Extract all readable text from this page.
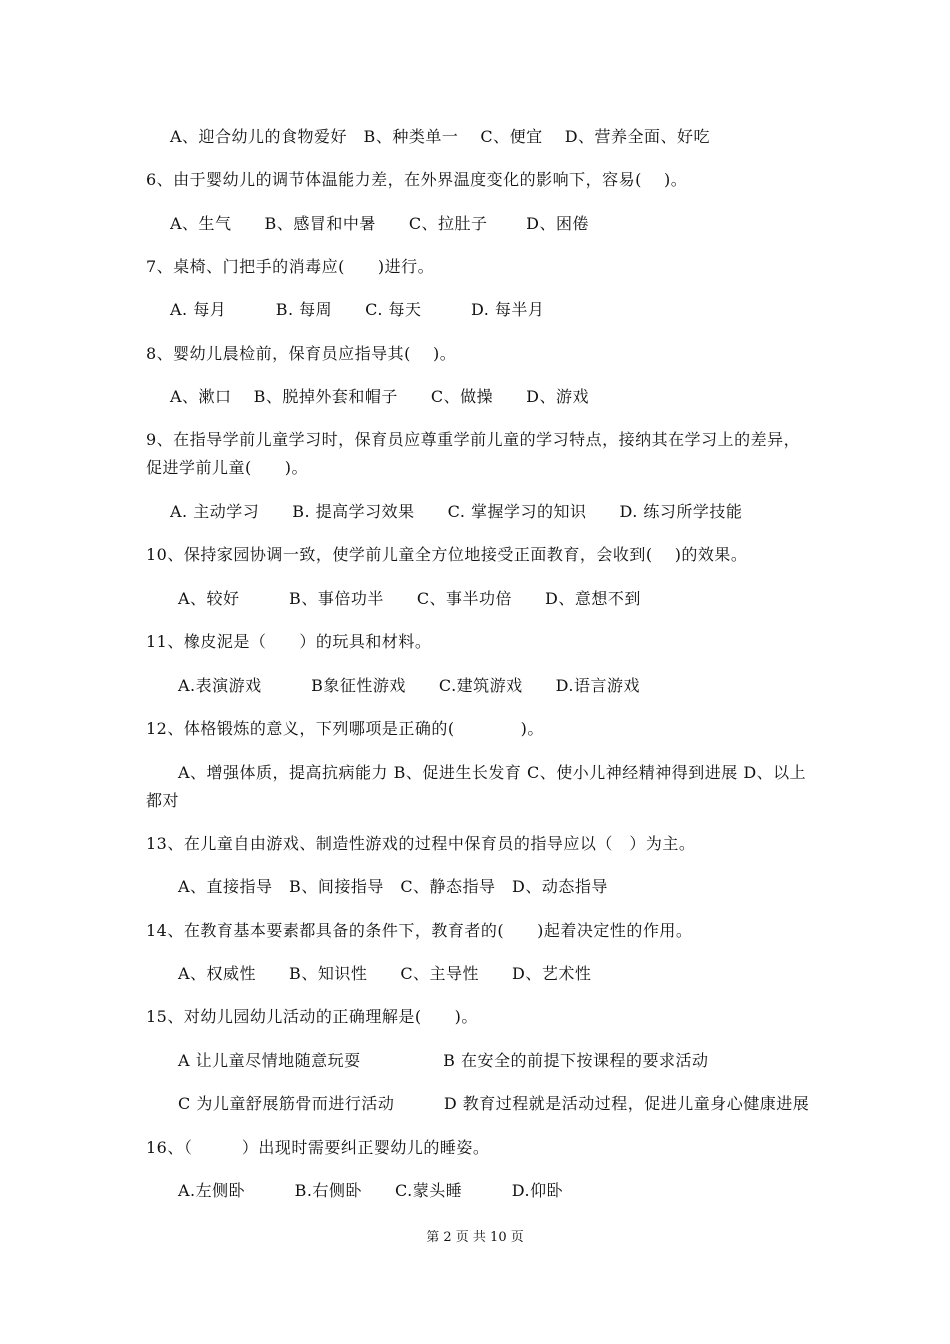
A、迎合幼儿的食物爱好　B、种类单一　 C、便宜　 D、营养全面、好吃
6、由于婴幼儿的调节体温能力差，在外界温度变化的影响下，容易(　 )。
A、生气　　B、感冒和中暑　　C、拉肚子　　 D、困倦
7、桌椅、门把手的消毒应(　　)进行。
A. 每月　　　B. 每周　　C. 每天　　　D. 每半月
8、婴幼儿晨检前，保育员应指导其(　 )。
A、漱口　 B、脱掉外套和帽子　　C、做操　　D、游戏
9、在指导学前儿童学习时，保育员应尊重学前儿童的学习特点，接纳其在学习上的差异，
促进学前儿童(　　)。
A. 主动学习　　B. 提高学习效果　　C. 掌握学习的知识　　D. 练习所学技能
10、保持家园协调一致，使学前儿童全方位地接受正面教育，会收到(　 )的效果。
A、较好　　　B、事倍功半　　C、事半功倍　　D、意想不到
11、橡皮泥是（　　）的玩具和材料。
A.表演游戏　　　B象征性游戏　　C.建筑游戏　　D.语言游戏
12、体格锻炼的意义，下列哪项是正确的(　　　　)。
A、增强体质，提高抗病能力 B、促进生长发育 C、使小儿神经精神得到进展 D、以上
都对
13、在儿童自由游戏、制造性游戏的过程中保育员的指导应以（　）为主。
A、直接指导　B、间接指导　C、静态指导　D、动态指导
14、在教育基本要素都具备的条件下，教育者的(　　)起着决定性的作用。
A、权威性　　B、知识性　　C、主导性　　D、艺术性
15、对幼儿园幼儿活动的正确理解是(　　)。
A 让儿童尽情地随意玩耍　　　　　B 在安全的前提下按课程的要求活动
C 为儿童舒展筋骨而进行活动　　　D 教育过程就是活动过程，促进儿童身心健康进展
16、（　　　）出现时需要纠正婴幼儿的睡姿。
A.左侧卧　　　B.右侧卧　　C.蒙头睡　　　D.仰卧
第 2 页 共 10 页
